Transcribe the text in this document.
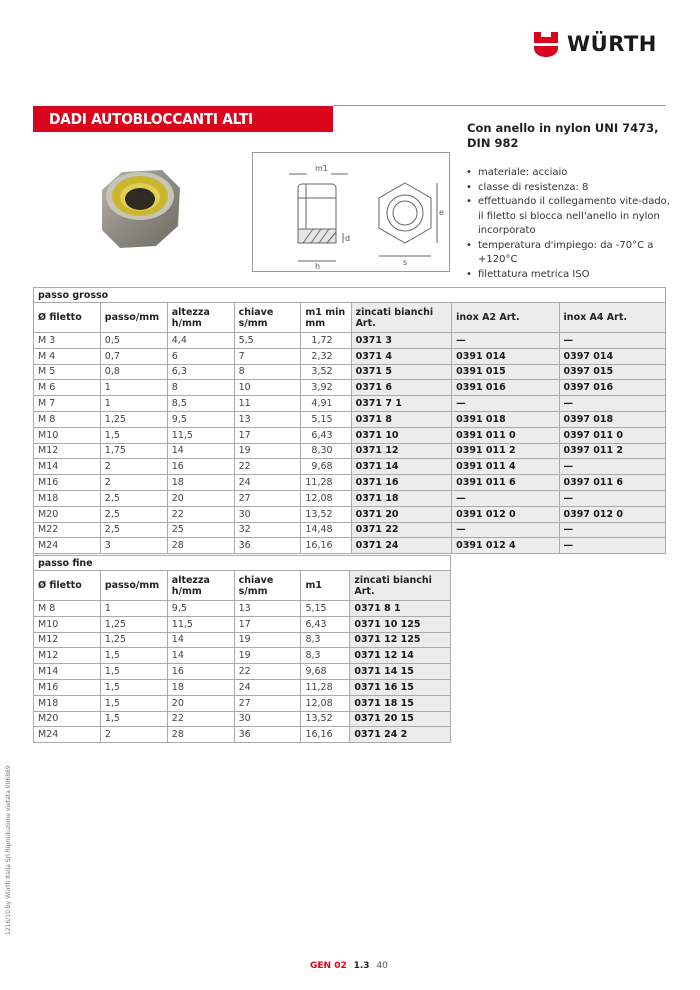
WÜRTH
DADI AUTOBLOCCANTI ALTI
m1
d
h	s
e
Con anello in nylon UNI 7473, DIN 982
• materiale: acciaio
• classe di resistenza: 8
• effettuando il collegamento vite-dado, il filetto si blocca nell'anello in nylon incorporato
• temperatura d'impiego: da -70°C a +120°C
• filettatura metrica ISO
passo grosso							
Ø filetto	passo/mm	altezza h/mm	chiave s/mm	m1 min mm	zincati bianchi Art.	inox A2 Art.	inox A4 Art.
M 3	0,5	4,4	5,5	1,72	0371 3	—	—
M 4	0,7	6	7	2,32	0371 4	0391 014	0397 014
M 5	0,8	6,3	8	3,52	0371 5	0391 015	0397 015
M 6	1	8	10	3,92	0371 6	0391 016	0397 016
M 7	1	8,5	11	4,91	0371 7 1	—	—
M 8	1,25	9,5	13	5,15	0371 8	0391 018	0397 018
M10	1,5	11,5	17	6,43	0371 10	0391 011 0	0397 011 0
M12	1,75	14	19	8,30	0371 12	0391 011 2	0397 011 2
M14	2	16	22	9,68	0371 14	0391 011 4	—
M16	2	18	24	11,28	0371 16	0391 011 6	0397 011 6
M18	2,5	20	27	12,08	0371 18	—	—
M20	2,5	22	30	13,52	0371 20	0391 012 0	0397 012 0
M22	2,5	25	32	14,48	0371 22	—	—
M24	3	28	36	16,16	0371 24	0391 012 4	—
passo fine					
Ø filetto	passo/mm	altezza h/mm	chiave s/mm	m1	zincati bianchi Art.
M 8	1	9,5	13	5,15	0371 8 1
M10	1,25	11,5	17	6,43	0371 10 125
M12	1,25	14	19	8,3	0371 12 125
M12	1,5	14	19	8,3	0371 12 14
M14	1,5	16	22	9,68	0371 14 15
M16	1,5	18	24	11,28	0371 16 15
M18	1,5	20	27	12,08	0371 18 15
M20	1,5	22	30	13,52	0371 20 15
M24	2	28	36	16,16	0371 24 2
1216/10 by Würth Italia Srl Riproduzione vietata 006889
GEN 02 1.3 40
